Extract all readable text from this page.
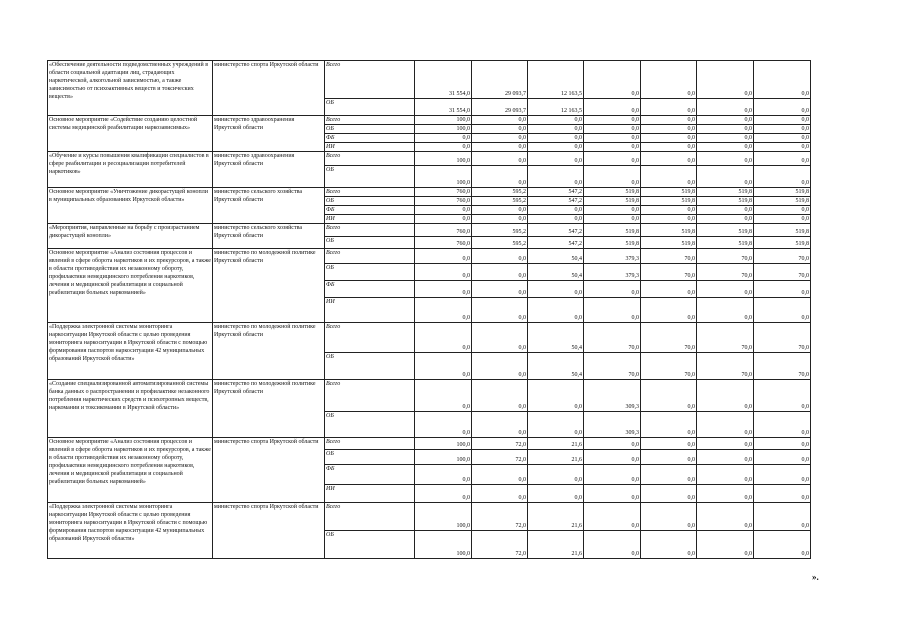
«Обеспечение деятельности подведомственных учреждений в области социальной адаптации лиц, страдающих наркотической, алкогольной зависимостью, а также зависимостью от психоактивных веществ и токсических веществ»	министерство спорта Иркутской области	Всего	31 554,0	29 093,7	12 163,5	0,0	0,0	0,0	0,0
		ОБ	31 554,0	29 093,7	12 163,5	0,0	0,0	0,0	0,0
Основное мероприятие «Содействие созданию целостной системы медицинской реабилитации наркозависимых»	министерство здравоохранения Иркутской области	Всего	100,0	0,0	0,0	0,0	0,0	0,0	0,0
		ОБ	100,0	0,0	0,0	0,0	0,0	0,0	0,0
		ФБ	0,0	0,0	0,0	0,0	0,0	0,0	0,0
		ИИ	0,0	0,0	0,0	0,0	0,0	0,0	0,0
«Обучение и курсы повышения квалификации специалистов в сфере реабилитации и ресоциализации потребителей наркотиков»	министерство здравоохранения Иркутской области	Всего	100,0	0,0	0,0	0,0	0,0	0,0	0,0
		ОБ	100,0	0,0	0,0	0,0	0,0	0,0	0,0
Основное мероприятие «Уничтожение дикорастущей конопли в муниципальных образованиях Иркутской области»	министерство сельского хозяйства Иркутской области	Всего	760,0	595,2	547,2	519,8	519,8	519,8	519,8
		ОБ	760,0	595,2	547,2	519,8	519,8	519,8	519,8
		ФБ	0,0	0,0	0,0	0,0	0,0	0,0	0,0
		ИИ	0,0	0,0	0,0	0,0	0,0	0,0	0,0
«Мероприятия, направленные на борьбу с произрастанием дикорастущей конопли»	министерство сельского хозяйства Иркутской области	Всего	760,0	595,2	547,2	519,8	519,8	519,8	519,8
		ОБ	760,0	595,2	547,2	519,8	519,8	519,8	519,8
Основное мероприятие «Анализ состояния процессов и явлений в сфере оборота наркотиков и их прекурсоров, а также в области противодействия их незаконному обороту, профилактики немедицинского потребления наркотиков, лечения и медицинской реабилитации и социальной реабилитации больных наркоманией»	министерство по молодежной политике Иркутской области	Всего	0,0	0,0	50,4	379,3	70,0	70,0	70,0
		ОБ	0,0	0,0	50,4	379,3	70,0	70,0	70,0
		ФБ	0,0	0,0	0,0	0,0	0,0	0,0	0,0
		ИИ	0,0	0,0	0,0	0,0	0,0	0,0	0,0
«Поддержка электронной системы мониторинга наркоситуации Иркутской области с целью проведения мониторинга наркоситуации в Иркутской области с помощью формирования паспортов наркоситуации 42 муниципальных образований Иркутской области»	министерство по молодежной политике Иркутской области	Всего	0,0	0,0	50,4	70,0	70,0	70,0	70,0
		ОБ	0,0	0,0	50,4	70,0	70,0	70,0	70,0
«Создание специализированной автоматизированной системы банка данных о распространении и профилактике незаконного потребления наркотических средств и психотропных веществ, наркомании и токсикомании в Иркутской области»	министерство по молодежной политике Иркутской области	Всего	0,0	0,0	0,0	309,3	0,0	0,0	0,0
		ОБ	0,0	0,0	0,0	309,3	0,0	0,0	0,0
Основное мероприятие «Анализ состояния процессов и явлений в сфере оборота наркотиков и их прекурсоров, а также в области противодействия их незаконному обороту, профилактики немедицинского потребления наркотиков, лечения и медицинской реабилитации и социальной реабилитации больных наркоманией»	министерство спорта Иркутской области	Всего	100,0	72,0	21,6	0,0	0,0	0,0	0,0
		ОБ	100,0	72,0	21,6	0,0	0,0	0,0	0,0
		ФБ	0,0	0,0	0,0	0,0	0,0	0,0	0,0
		ИИ	0,0	0,0	0,0	0,0	0,0	0,0	0,0
«Поддержка электронной системы мониторинга наркоситуации Иркутской области с целью проведения мониторинга наркоситуации в Иркутской области с помощью формирования паспортов наркоситуации 42 муниципальных образований Иркутской области»	министерство спорта Иркутской области	Всего	100,0	72,0	21,6	0,0	0,0	0,0	0,0
		ОБ	100,0	72,0	21,6	0,0	0,0	0,0	0,0
».
